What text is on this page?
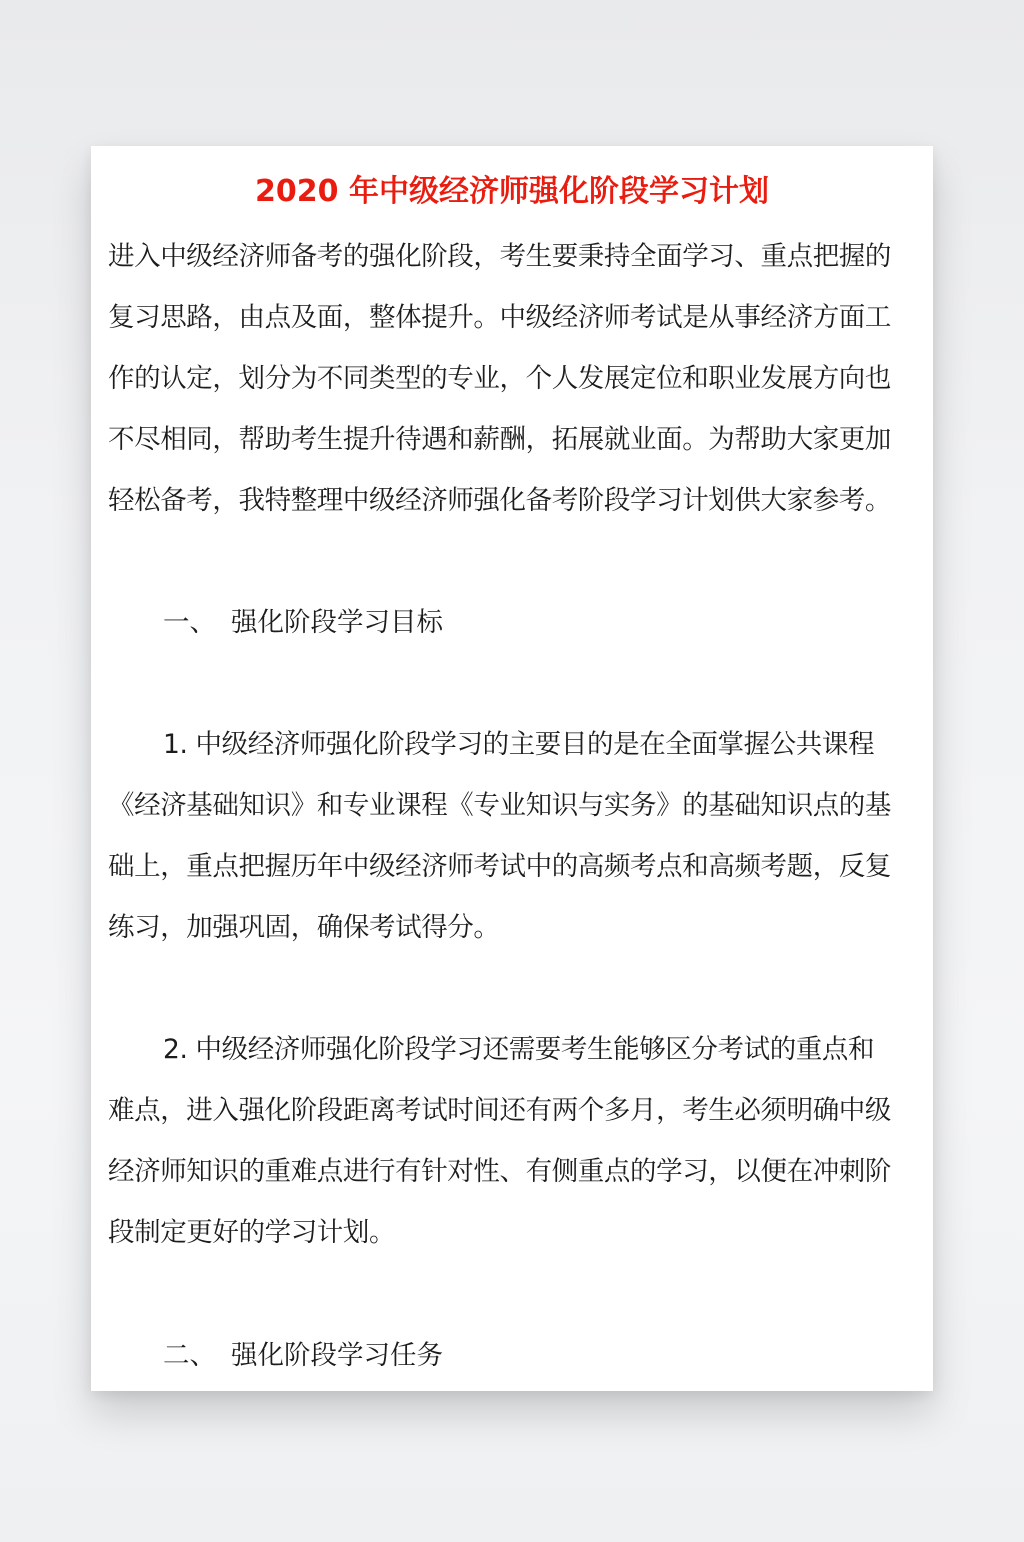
2020 年中级经济师强化阶段学习计划
进入中级经济师备考的强化阶段，考生要秉持全面学习、重点把握的
复习思路，由点及面，整体提升。中级经济师考试是从事经济方面工
作的认定，划分为不同类型的专业，个人发展定位和职业发展方向也
不尽相同，帮助考生提升待遇和薪酬，拓展就业面。为帮助大家更加
轻松备考，我特整理中级经济师强化备考阶段学习计划供大家参考。
一、 强化阶段学习目标
1. 中级经济师强化阶段学习的主要目的是在全面掌握公共课程
《经济基础知识》和专业课程《专业知识与实务》的基础知识点的基
础上，重点把握历年中级经济师考试中的高频考点和高频考题，反复
练习，加强巩固，确保考试得分。
2. 中级经济师强化阶段学习还需要考生能够区分考试的重点和
难点，进入强化阶段距离考试时间还有两个多月，考生必须明确中级
经济师知识的重难点进行有针对性、有侧重点的学习，以便在冲刺阶
段制定更好的学习计划。
二、 强化阶段学习任务
